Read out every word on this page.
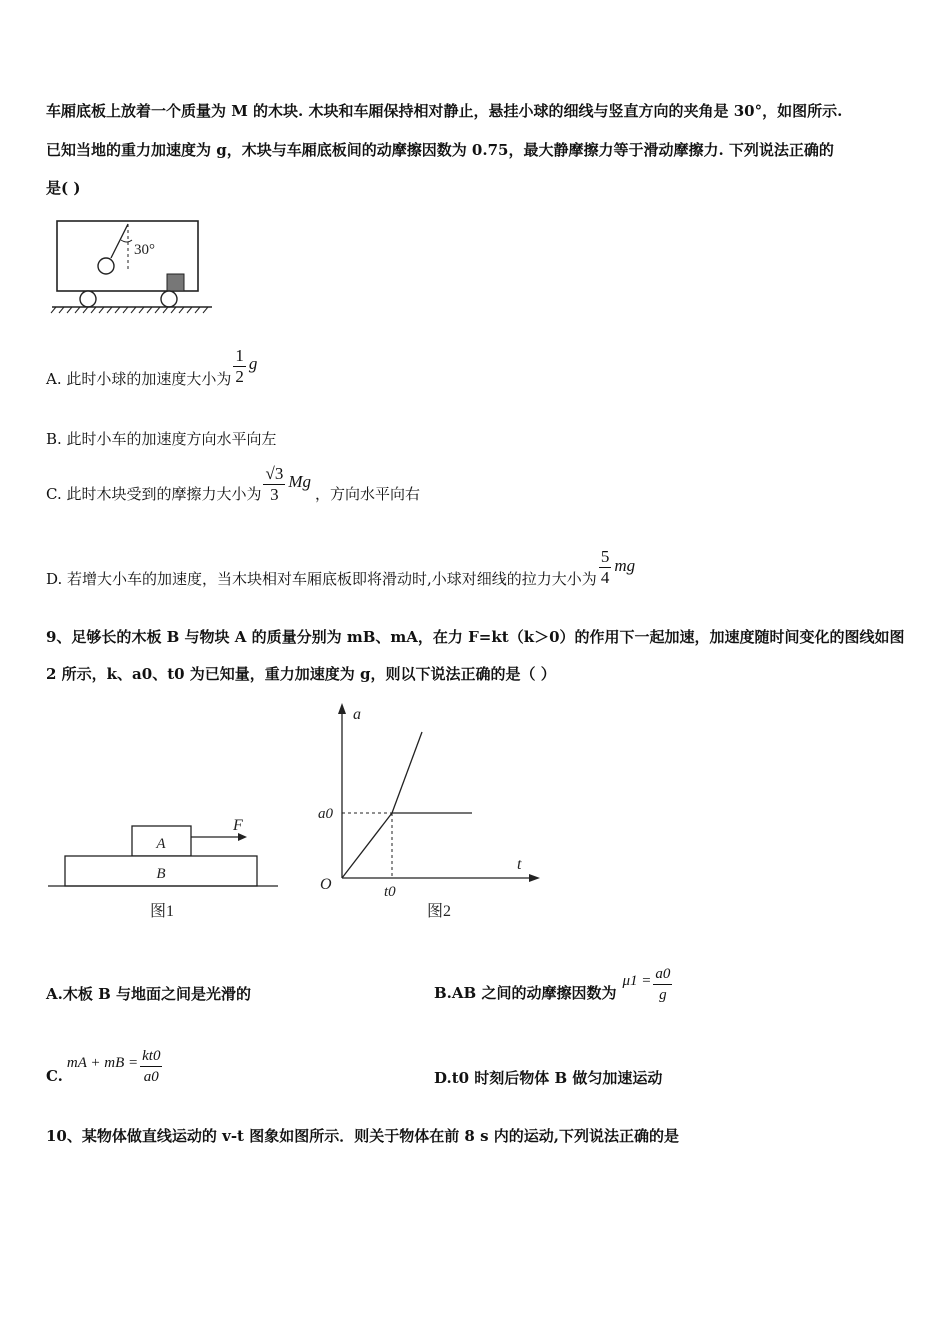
车厢底板上放着一个质量为 M 的木块. 木块和车厢保持相对静止，悬挂小球的细线与竖直方向的夹角是 30°，如图所示.
已知当地的重力加速度为 g，木块与车厢底板间的动摩擦因数为 0.75，最大静摩擦力等于滑动摩擦力. 下列说法正确的
是( )
30°
A. 此时小球的加速度大小为 $\frac{1}{2}$ g
B. 此时小车的加速度方向水平向左
C. 此时木块受到的摩擦力大小为 $\frac{√3}{3}$ Mg
，方向水平向右
D. 若增大小车的加速度，当木块相对车厢底板即将滑动时,小球对细线的拉力大小为 $\frac{5}{4}$ mg
9、足够长的木板 B 与物块 A 的质量分别为 mB、mA，在力 F=kt（k＞0）的作用下一起加速，加速度随时间变化的图线如图
2 所示，k、a0、t0 为已知量，重力加速度为 g，则以下说法正确的是（ ）
A
B
F
图1
a
t
O
a0
t0
图2
A.木板 B 与地面之间是光滑的	B.AB 之间的动摩擦因数为
$\mu 1 = \frac{a0}{g}$
C.
mA + mB = $\frac{kt0}{a0}$	D.t0 时刻后物体 B 做匀加速运动
10、某物体做直线运动的 v-t 图象如图所示．则关于物体在前 8 s 内的运动,下列说法正确的是
